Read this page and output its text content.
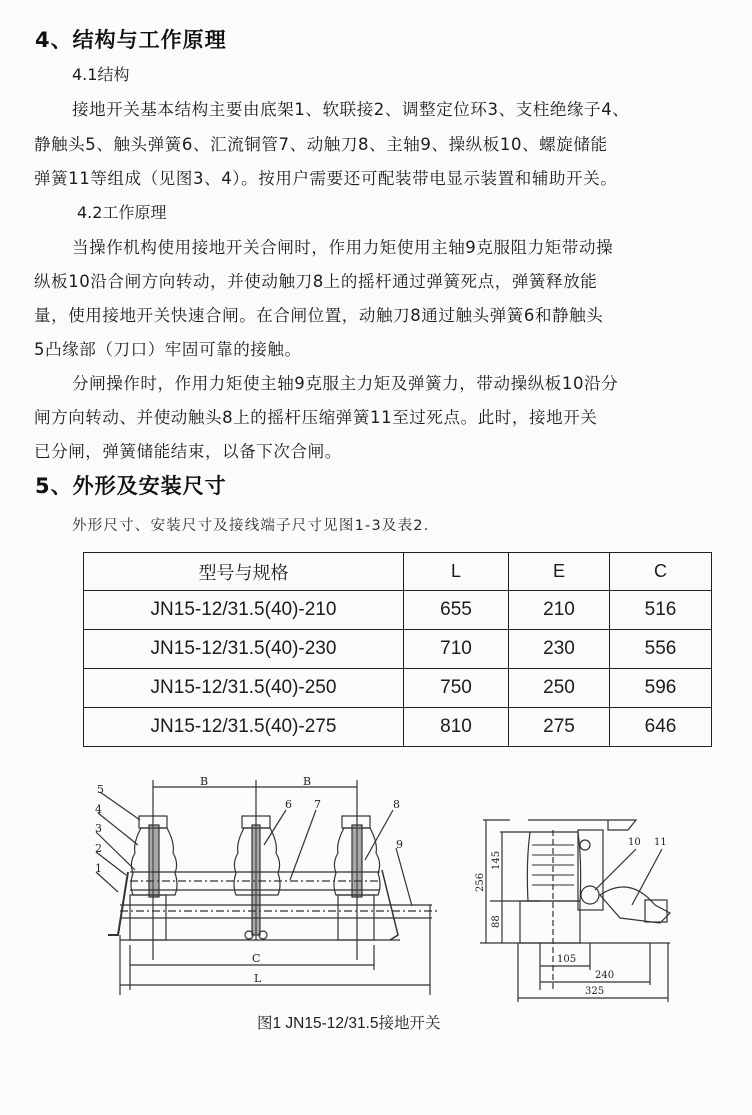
4、结构与工作原理
4.1结构
接地开关基本结构主要由底架1、软联接2、调整定位环3、支柱绝缘子4、
静触头5、触头弹簧6、汇流铜管7、动触刀8、主轴9、操纵板10、螺旋储能
弹簧11等组成（见图3、4）。按用户需要还可配装带电显示装置和辅助开关。
4.2工作原理
当操作机构使用接地开关合闸时，作用力矩使用主轴9克服阻力矩带动操
纵板10沿合闸方向转动，并使动触刀8上的摇杆通过弹簧死点，弹簧释放能
量，使用接地开关快速合闸。在合闸位置，动触刀8通过触头弹簧6和静触头
5凸缘部（刀口）牢固可靠的接触。
分闸操作时，作用力矩使主轴9克服主力矩及弹簧力，带动操纵板10沿分
闸方向转动、并使动触头8上的摇杆压缩弹簧11至过死点。此时，接地开关
已分闸，弹簧储能结束，以备下次合闸。
5、外形及安装尺寸
外形尺寸、安装尺寸及接线端子尺寸见图1-3及表2.
型号与规格	L	E	C
JN15-12/31.5(40)-210	655	210	516
JN15-12/31.5(40)-230	710	230	556
JN15-12/31.5(40)-250	750	250	596
JN15-12/31.5(40)-275	810	275	646
5
4
3
2
1
6 7	8
9
B	B
C
L
10 11
256
145
88
105
240
325
图1 JN15-12/31.5接地开关
